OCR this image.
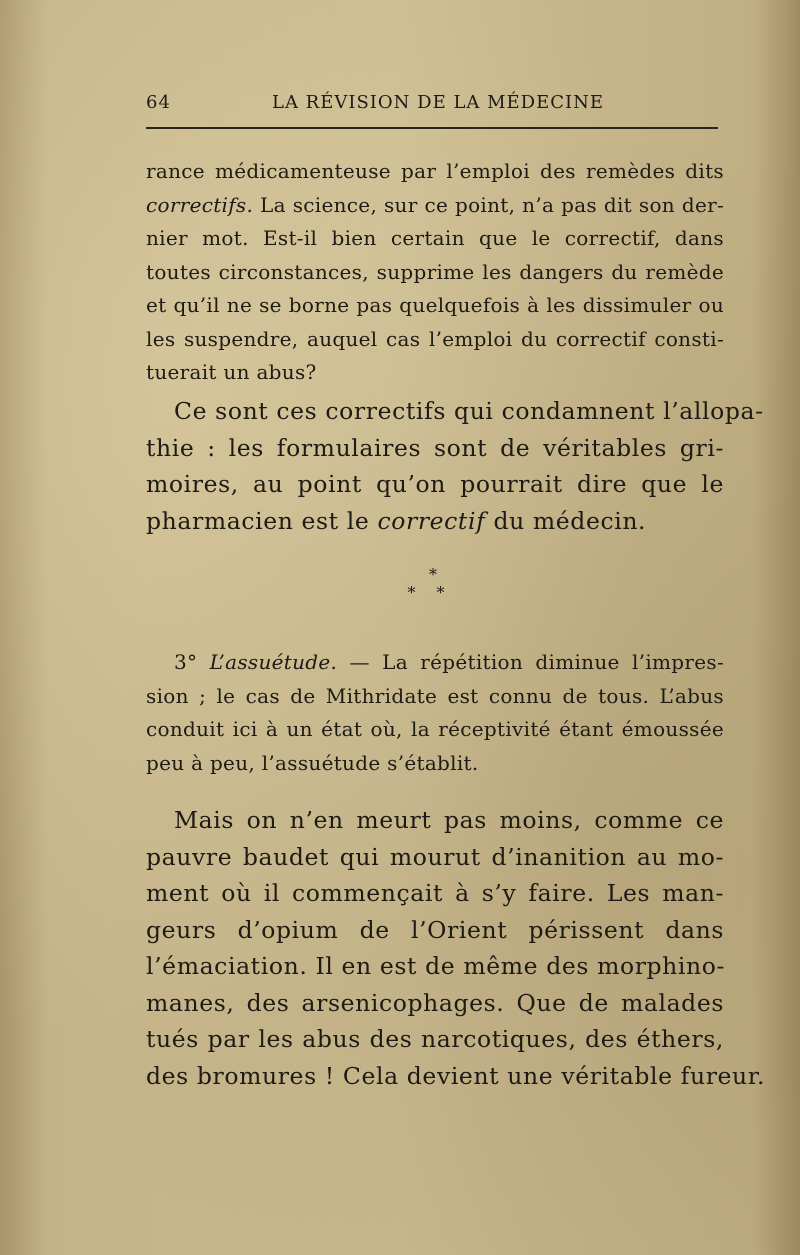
64	LA RÉVISION DE LA MÉDECINE
rance médicamenteuse par l’emploi des remèdes dits
correctifs. La science, sur ce point, n’a pas dit son der-
nier mot. Est-il bien certain que le correctif, dans
toutes circonstances, supprime les dangers du remède
et qu’il ne se borne pas quelquefois à les dissimuler ou
les suspendre, auquel cas l’emploi du correctif consti-
tuerait un abus?
Ce sont ces correctifs qui condamnent l’allopa-
thie : les formulaires sont de véritables gri-
moires, au point qu’on pourrait dire que le
pharmacien est le correctif du médecin.
*
* *
3° L’assuétude. — La répétition diminue l’impres-
sion ; le cas de Mithridate est connu de tous. L’abus
conduit ici à un état où, la réceptivité étant émoussée
peu à peu, l’assuétude s’établit.
Mais on n’en meurt pas moins, comme ce
pauvre baudet qui mourut d’inanition au mo-
ment où il commençait à s’y faire. Les man-
geurs d’opium de l’Orient périssent dans
l’émaciation. Il en est de même des morphino-
manes, des arsenicophages. Que de malades
tués par les abus des narcotiques, des éthers,
des bromures ! Cela devient une véritable fureur.
